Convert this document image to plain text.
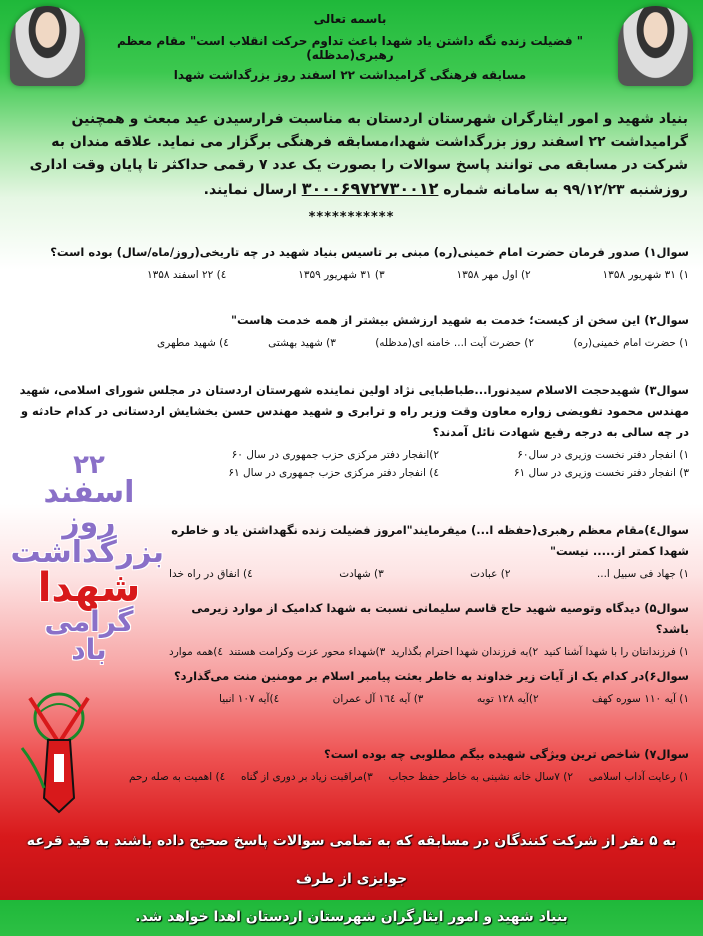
باسمه تعالی
" فضیلت زنده نگه داشتن یاد شهدا باعث تداوم حرکت انقلاب است" مقام معظم رهبری(مدظله)
مسابقه فرهنگی گرامیداشت ۲۲ اسفند روز بزرگداشت شهدا
بنیاد شهید و امور ایثارگران شهرستان اردستان به مناسبت فرارسیدن عید مبعث و همچنین گرامیداشت ۲۲ اسفند روز بزرگداشت شهدا،مسابقه فرهنگی برگزار می نماید. علاقه مندان به شرکت در مسابقه می توانند پاسخ سوالات را بصورت یک عدد ۷ رقمی حداکثر تا پایان وقت اداری روزشنبه ۹۹/۱۲/۲۳ به سامانه شماره ۳۰۰۰۶۹۷۲۷۳۰۰۱۲ ارسال نمایند.
***********
سوال۱) صدور فرمان حضرت امام خمینی(ره) مبنی بر تاسیس بنیاد شهید در چه تاریخی(روز/ماه/سال) بوده است؟
۱) ۳۱ شهریور ۱۳۵۸
۲) اول مهر ۱۳۵۸
۳) ۳۱ شهریور ۱۳۵۹
٤) ۲۲ اسفند ۱۳۵۸
سوال۲) این سخن از کیست؛ خدمت به شهید ارزشش بیشتر از همه خدمت هاست"
۱) حضرت امام خمینی(ره)
۲) حضرت آیت ا... خامنه ای(مدظله)
۳) شهید بهشتی
٤) شهید مطهری
سوال۳) شهیدحجت الاسلام سیدنورا...طباطبایی نژاد اولین نماینده شهرستان اردستان در مجلس شورای اسلامی، شهید مهندس محمود تفویضی زواره معاون وقت وزیر راه و ترابری و شهید مهندس حسن بخشایش اردستانی در کدام حادثه و در چه سالی به درجه رفیع شهادت نائل آمدند؟
۱) انفجار دفتر نخست وزیری در سال۶۰
۲)انفجار دفتر مرکزی حزب جمهوری در سال ۶۰
۳) انفجار دفتر نخست وزیری در سال ۶۱
٤) انفجار دفتر مرکزی حزب جمهوری در سال ۶۱
سوال٤)مقام معظم رهبری(حفظه ا...) میفرمایند"امروز فضیلت زنده نگهداشتن یاد و خاطره شهدا کمتر از..... نیست"
۱) جهاد فی سبیل ا...
۲) عبادت
۳) شهادت
٤) انفاق در راه خدا
سوال۵) دیدگاه وتوصیه شهید حاج قاسم سلیمانی نسبت به شهدا کدامیک از موارد زیرمی باشد؟
۱) فرزندانتان را با شهدا آشنا کنید
۲)به فرزندان شهدا احترام بگذارید
۳)شهداء محور عزت وکرامت هستند
٤)همه موارد
سوال۶)در کدام یک از آیات زیر خداوند به خاطر بعثت پیامبر اسلام بر مومنین منت می‌گذارد؟
۱) آیه ۱۱۰ سوره کهف
۲)آیه ۱۲۸ توبه
۳) آیه ۱٦٤ آل عمران
٤)آیه ۱۰۷ انبیا
سوال۷) شاخص ترین ویژگی شهیده بیگم مطلوبی چه بوده است؟
۱) رعایت آداب اسلامی
۲) ۷سال خانه نشینی به خاطر حفظ حجاب
۳)مراقبت زیاد بر دوری از گناه
٤) اهمیت به صله رحم
۲۲
اسفند
روز
بزرگداشت
شهدا
گرامی
باد
به ۵ نفر از شرکت کنندگان در مسابقه که به تمامی سوالات پاسخ صحیح داده باشند به قید قرعه جوایزی از طرف
بنیاد شهید و امور ایثارگران شهرستان اردستان اهدا خواهد شد.
